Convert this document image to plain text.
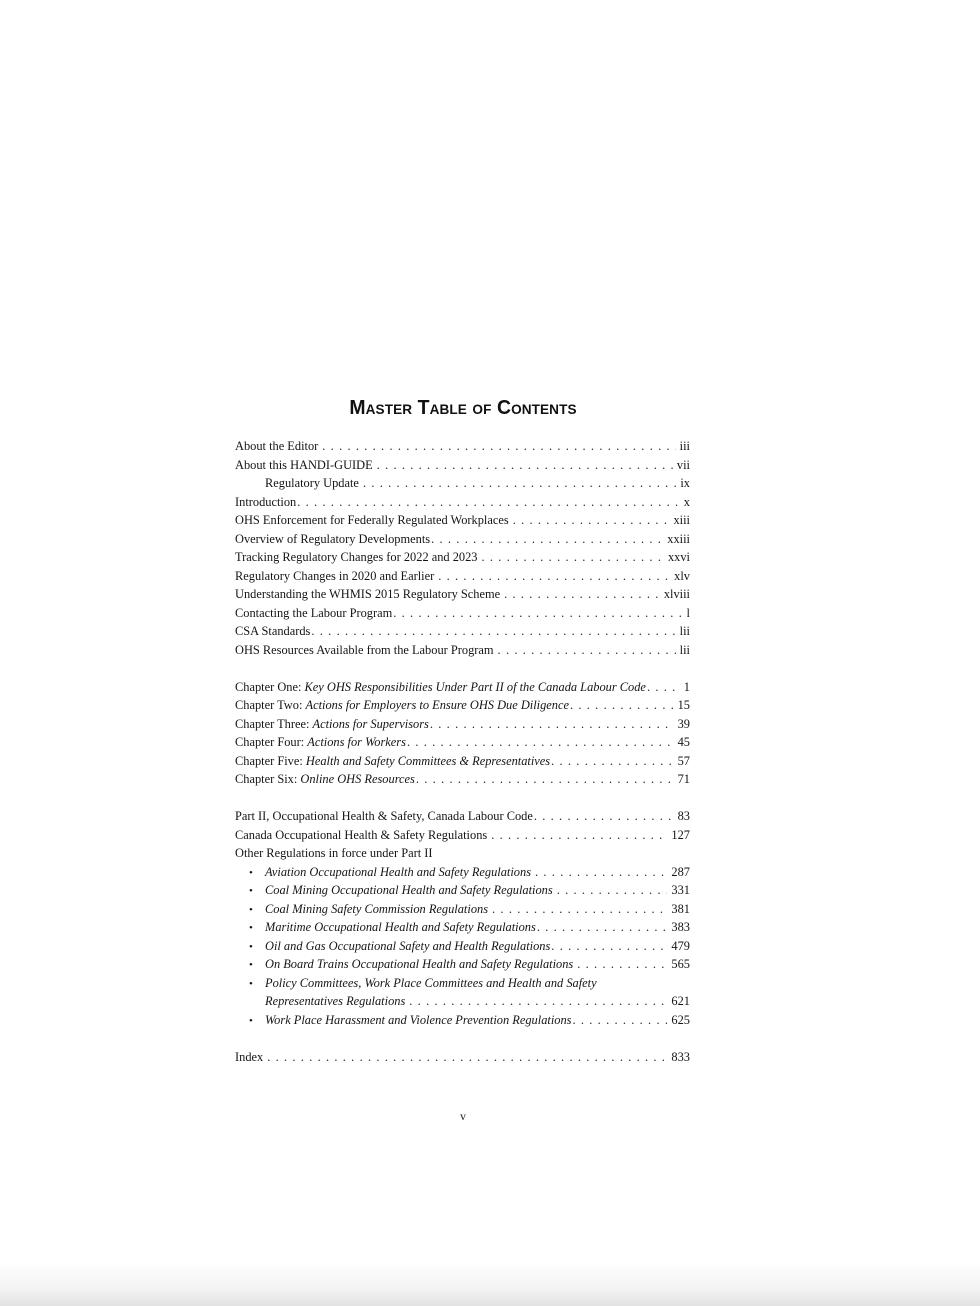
Master Table of Contents
About the Editor . . .	iii
About this HANDI-GUIDE . . .	vii
Regulatory Update . . .	ix
Introduction . . .	x
OHS Enforcement for Federally Regulated Workplaces . . .	xiii
Overview of Regulatory Developments . . .	xxiii
Tracking Regulatory Changes for 2022 and 2023 . . .	xxvi
Regulatory Changes in 2020 and Earlier . . .	xlv
Understanding the WHMIS 2015 Regulatory Scheme . . .	xlviii
Contacting the Labour Program . . .	l
CSA Standards . . .	lii
OHS Resources Available from the Labour Program . . .	lii
Chapter One: Key OHS Responsibilities Under Part II of the Canada Labour Code . . .	1
Chapter Two: Actions for Employers to Ensure OHS Due Diligence . . .	15
Chapter Three: Actions for Supervisors . . .	39
Chapter Four: Actions for Workers . . .	45
Chapter Five: Health and Safety Committees & Representatives . . .	57
Chapter Six: Online OHS Resources . . .	71
Part II, Occupational Health & Safety, Canada Labour Code . . .	83
Canada Occupational Health & Safety Regulations . . .	127
Other Regulations in force under Part II
• Aviation Occupational Health and Safety Regulations . . .	287
• Coal Mining Occupational Health and Safety Regulations . . .	331
• Coal Mining Safety Commission Regulations . . .	381
• Maritime Occupational Health and Safety Regulations . . .	383
• Oil and Gas Occupational Safety and Health Regulations . . .	479
• On Board Trains Occupational Health and Safety Regulations . . .	565
• Policy Committees, Work Place Committees and Health and Safety
Representatives Regulations . . .	621
• Work Place Harassment and Violence Prevention Regulations . . .	625
Index . . .	833
v
